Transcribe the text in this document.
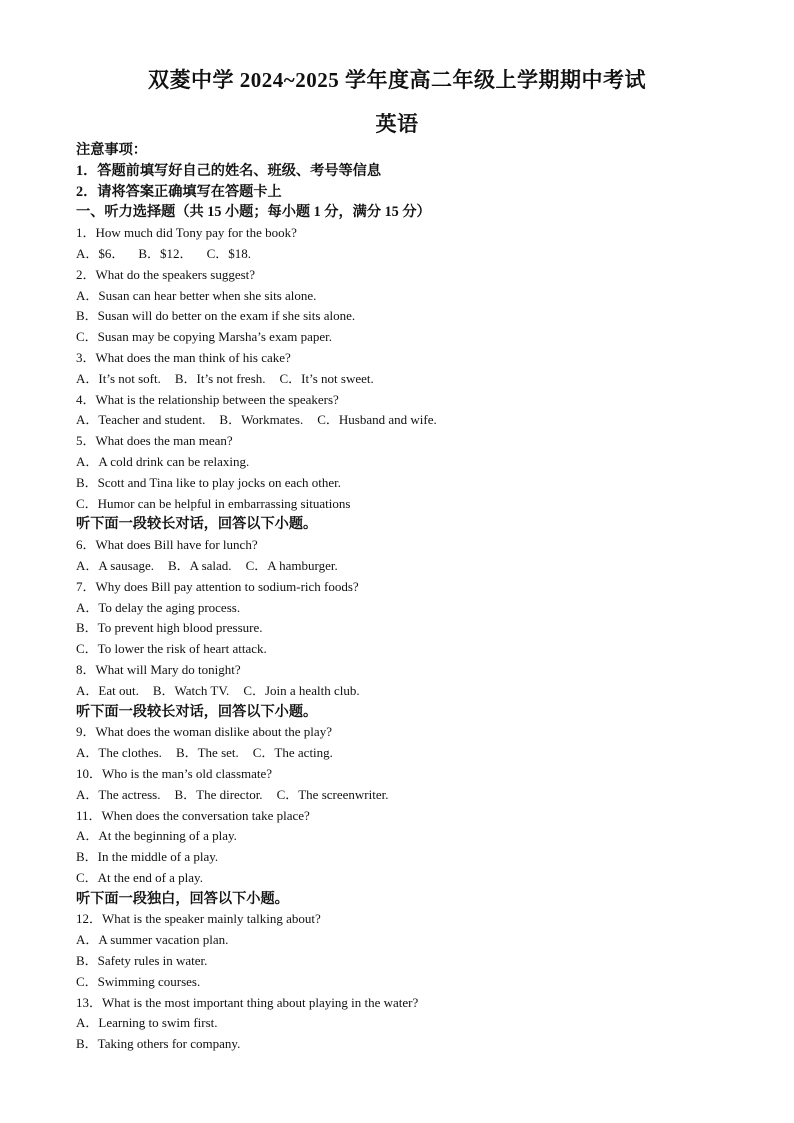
双菱中学 2024~2025 学年度高二年级上学期期中考试
英语
注意事项：
1．答题前填写好自己的姓名、班级、考号等信息
2．请将答案正确填写在答题卡上
一、听力选择题（共 15 小题；每小题 1 分，满分 15 分）
1．How much did Tony pay for the book?
A．$6． B．$12． C．$18.
2．What do the speakers suggest?
A．Susan can hear better when she sits alone.
B．Susan will do better on the exam if she sits alone.
C．Susan may be copying Marsha’s exam paper.
3．What does the man think of his cake?
A．It’s not soft. B．It’s not fresh. C．It’s not sweet.
4．What is the relationship between the speakers?
A．Teacher and student. B．Workmates. C．Husband and wife.
5．What does the man mean?
A．A cold drink can be relaxing.
B．Scott and Tina like to play jocks on each other.
C．Humor can be helpful in embarrassing situations
听下面一段较长对话，回答以下小题。
6．What does Bill have for lunch?
A．A sausage. B．A salad. C．A hamburger.
7．Why does Bill pay attention to sodium-rich foods?
A．To delay the aging process.
B．To prevent high blood pressure.
C．To lower the risk of heart attack.
8．What will Mary do tonight?
A．Eat out. B．Watch TV. C．Join a health club.
听下面一段较长对话，回答以下小题。
9．What does the woman dislike about the play?
A．The clothes. B．The set. C．The acting.
10．Who is the man’s old classmate?
A．The actress. B．The director. C．The screenwriter.
11．When does the conversation take place?
A．At the beginning of a play.
B．In the middle of a play.
C．At the end of a play.
听下面一段独白，回答以下小题。
12．What is the speaker mainly talking about?
A．A summer vacation plan.
B．Safety rules in water.
C．Swimming courses.
13．What is the most important thing about playing in the water?
A．Learning to swim first.
B．Taking others for company.
